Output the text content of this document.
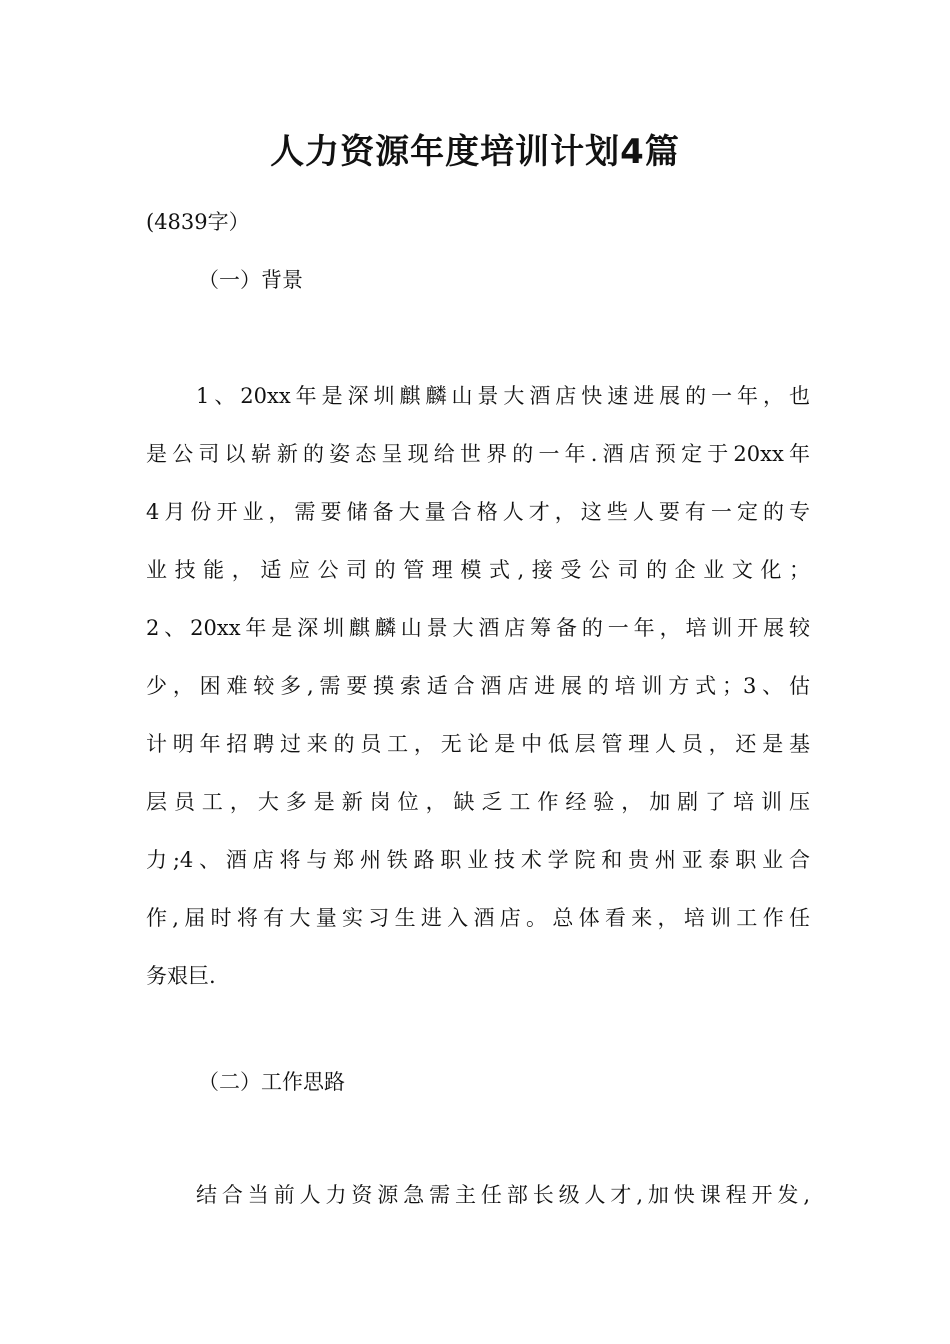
人力资源年度培训计划4篇
(4839字）
（一）背景
1、20xx年是深圳麒麟山景大酒店快速进展的一年，也
是公司以崭新的姿态呈现给世界的一年.酒店预定于20xx年
4月份开业，需要储备大量合格人才，这些人要有一定的专
业技能，适应公司的管理模式,接受公司的企业文化；
2、20xx年是深圳麒麟山景大酒店筹备的一年，培训开展较
少，困难较多,需要摸索适合酒店进展的培训方式；3、估
计明年招聘过来的员工，无论是中低层管理人员，还是基
层员工，大多是新岗位，缺乏工作经验，加剧了培训压
力;4、酒店将与郑州铁路职业技术学院和贵州亚泰职业合
作,届时将有大量实习生进入酒店。总体看来，培训工作任
务艰巨.
（二）工作思路
结合当前人力资源急需主任部长级人才,加快课程开发,
